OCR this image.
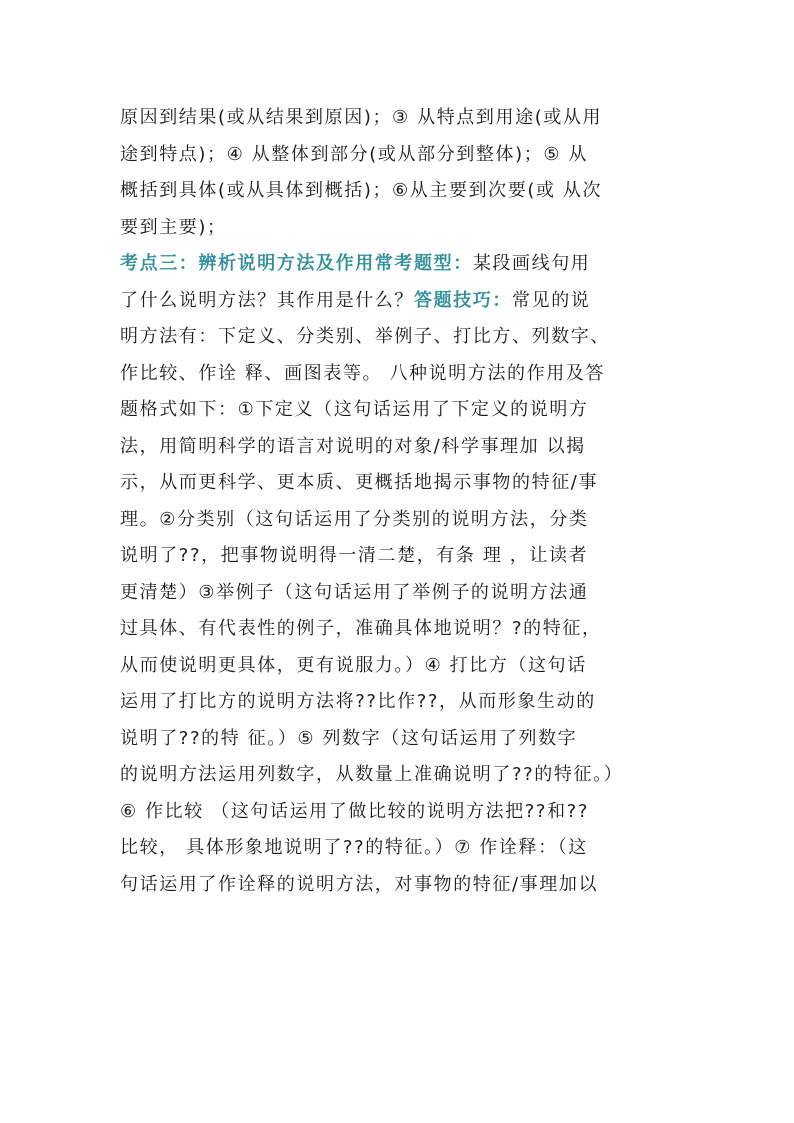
原因到结果(或从结果到原因)；③ 从特点到用途(或从用
途到特点)；④ 从整体到部分(或从部分到整体)；⑤ 从
概括到具体(或从具体到概括)；⑥从主要到次要(或 从次
要到主要)；
考点三：辨析说明方法及作用常考题型：某段画线句用
了什么说明方法？其作用是什么？答题技巧：常见的说
明方法有：下定义、分类别、举例子、打比方、列数字、
作比较、作诠 释、画图表等。 八种说明方法的作用及答
题格式如下：①下定义（这句话运用了下定义的说明方
法，用简明科学的语言对说明的对象/科学事理加 以揭
示，从而更科学、更本质、更概括地揭示事物的特征/事
理。②分类别（这句话运用了分类别的说明方法，分类
说明了??，把事物说明得一清二楚，有条 理 ，让读者
更清楚）③举例子（这句话运用了举例子的说明方法通
过具体、有代表性的例子，准确具体地说明？?的特征，
从而使说明更具体，更有说服力。）④ 打比方（这句话
运用了打比方的说明方法将??比作??，从而形象生动的
说明了??的特 征。）⑤ 列数字（这句话运用了列数字
的说明方法运用列数字，从数量上准确说明了??的特征。）
⑥ 作比较 （这句话运用了做比较的说明方法把??和??
比较， 具体形象地说明了??的特征。）⑦ 作诠释：（这
句话运用了作诠释的说明方法，对事物的特征/事理加以
